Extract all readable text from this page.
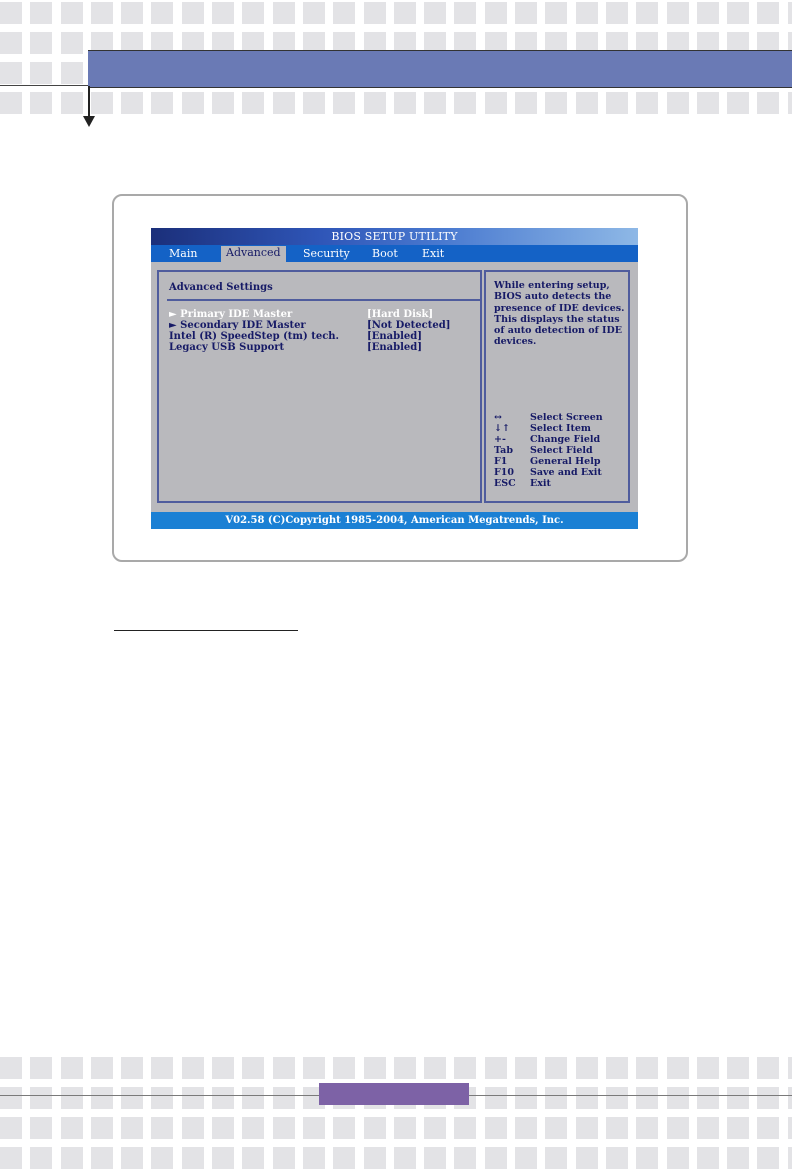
BIOS SETUP UTILITY
Main	Advanced	Security	Boot	Exit
Advanced Settings
► Primary IDE Master	[Hard Disk]
► Secondary IDE Master	[Not Detected]
Intel (R) SpeedStep (tm) tech.	[Enabled]
Legacy USB Support	[Enabled]
While entering setup, BIOS auto detects the presence of IDE devices. This displays the status of auto detection of IDE devices.
↔	Select Screen
↓↑ Select Item
+-	Change Field
Tab Select Field
F1 General Help
F10 Save and Exit
ESC Exit
V02.58 (C)Copyright 1985-2004, American Megatrends, Inc.
